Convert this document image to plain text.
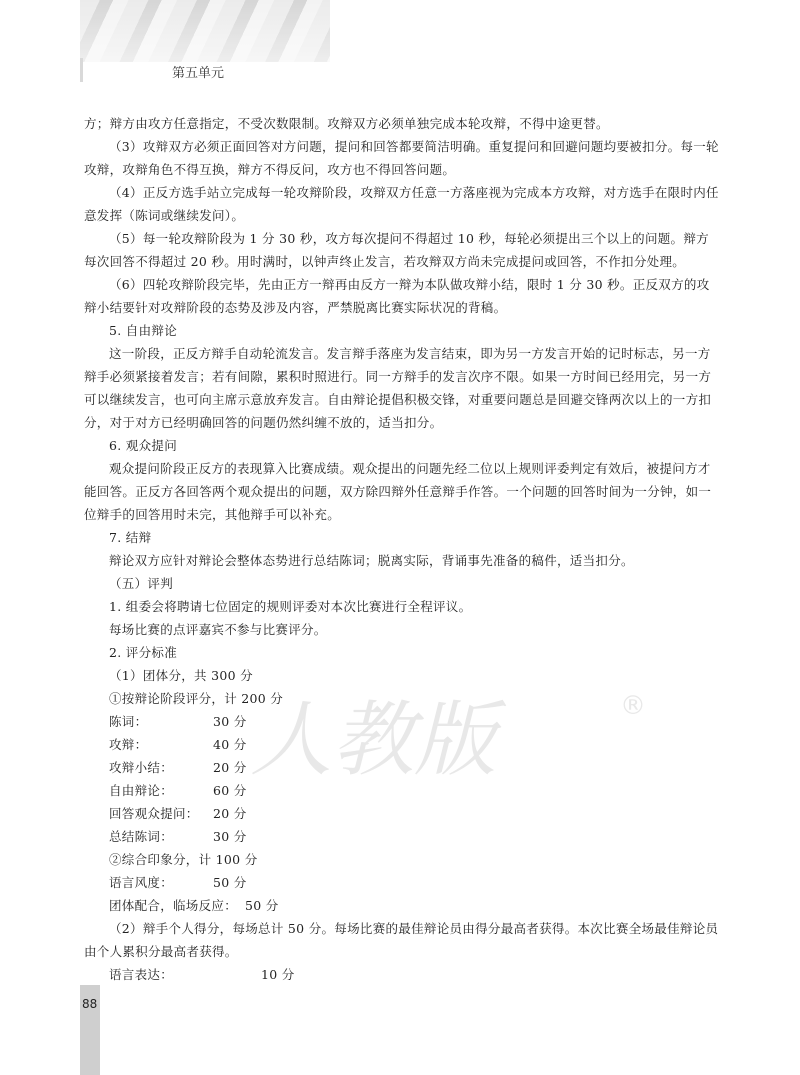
第五单元
人教版	®

方；辩方由攻方任意指定，不受次数限制。攻辩双方必须单独完成本轮攻辩，不得中途更替。

（3）攻辩双方必须正面回答对方问题，提问和回答都要简洁明确。重复提问和回避问题均要被扣分。每一轮攻辩，攻辩角色不得互换，辩方不得反问，攻方也不得回答问题。

（4）正反方选手站立完成每一轮攻辩阶段，攻辩双方任意一方落座视为完成本方攻辩，对方选手在限时内任意发挥（陈词或继续发问）。

（5）每一轮攻辩阶段为 1 分 30 秒，攻方每次提问不得超过 10 秒，每轮必须提出三个以上的问题。辩方每次回答不得超过 20 秒。用时满时，以钟声终止发言，若攻辩双方尚未完成提问或回答，不作扣分处理。

（6）四轮攻辩阶段完毕，先由正方一辩再由反方一辩为本队做攻辩小结，限时 1 分 30 秒。正反双方的攻辩小结要针对攻辩阶段的态势及涉及内容，严禁脱离比赛实际状况的背稿。

5. 自由辩论

这一阶段，正反方辩手自动轮流发言。发言辩手落座为发言结束，即为另一方发言开始的记时标志，另一方辩手必须紧接着发言；若有间隙，累积时照进行。同一方辩手的发言次序不限。如果一方时间已经用完，另一方可以继续发言，也可向主席示意放弃发言。自由辩论提倡积极交锋，对重要问题总是回避交锋两次以上的一方扣分，对于对方已经明确回答的问题仍然纠缠不放的，适当扣分。

6. 观众提问

观众提问阶段正反方的表现算入比赛成绩。观众提出的问题先经二位以上规则评委判定有效后，被提问方才能回答。正反方各回答两个观众提出的问题，双方除四辩外任意辩手作答。一个问题的回答时间为一分钟，如一位辩手的回答用时未完，其他辩手可以补充。

7. 结辩

辩论双方应针对辩论会整体态势进行总结陈词；脱离实际，背诵事先准备的稿件，适当扣分。

（五）评判

1. 组委会将聘请七位固定的规则评委对本次比赛进行全程评议。

每场比赛的点评嘉宾不参与比赛评分。

2. 评分标准

（1）团体分，共 300 分

①按辩论阶段评分，计 200 分

陈词：	30 分
攻辩：	40 分
攻辩小结：	20 分
自由辩论：	60 分
回答观众提问：	20 分
总结陈词：	30 分

②综合印象分，计 100 分

语言风度：	50 分
团体配合，临场反应： 50 分

（2）辩手个人得分，每场总计 50 分。每场比赛的最佳辩论员由得分最高者获得。本次比赛全场最佳辩论员由个人累积分最高者获得。

语言表达：	10 分
88
